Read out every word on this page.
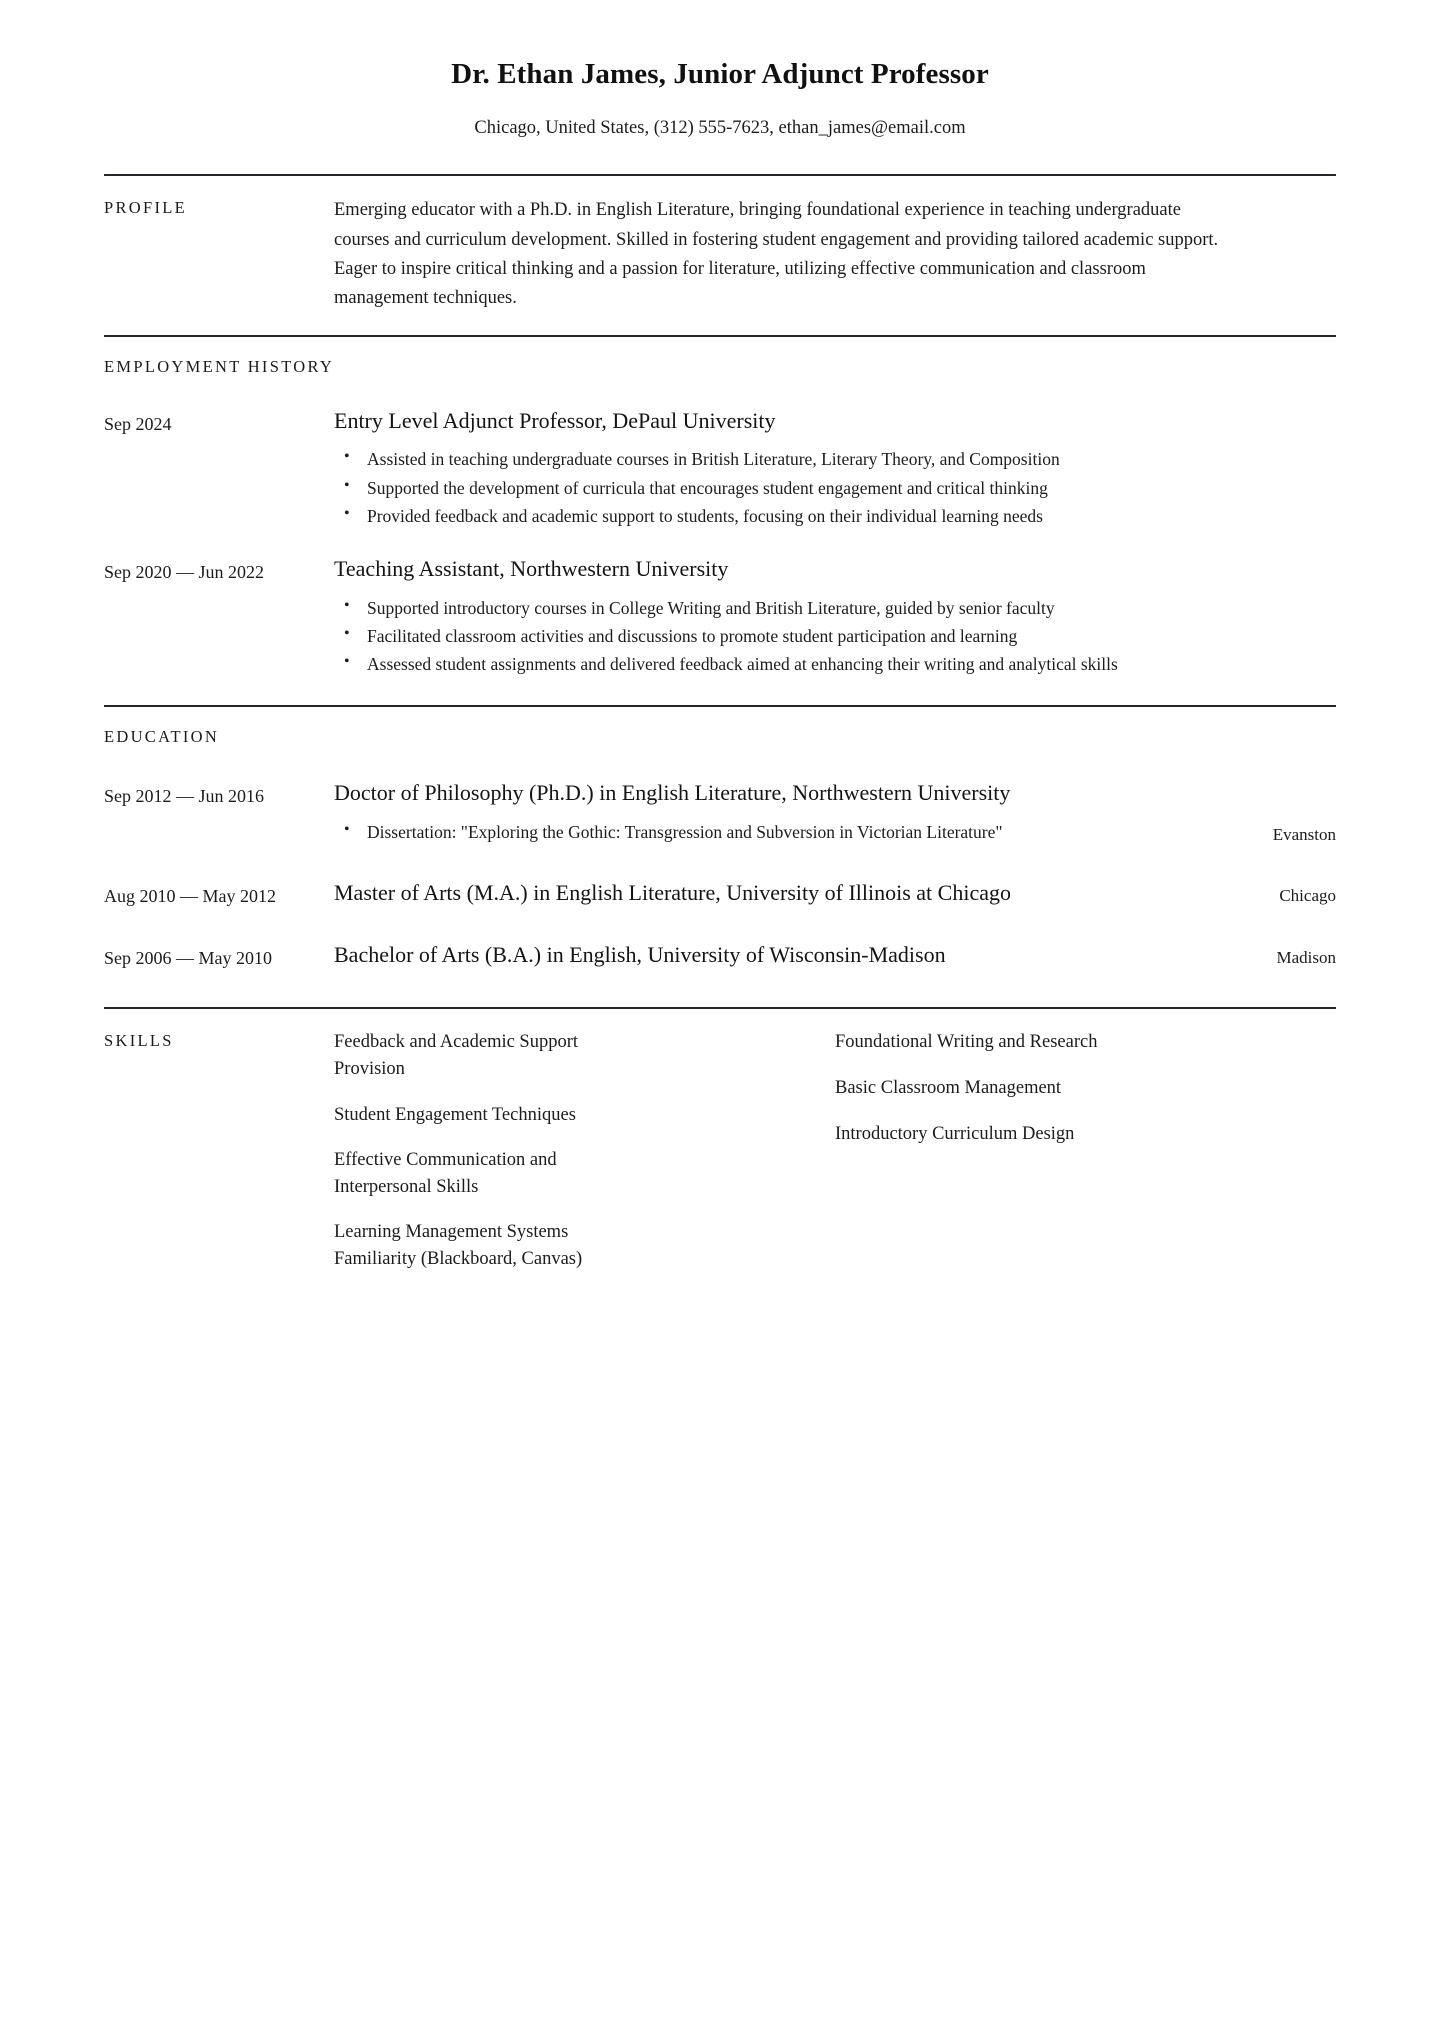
Dr. Ethan James, Junior Adjunct Professor
Chicago, United States, (312) 555-7623, ethan_james@email.com
PROFILE	Emerging educator with a Ph.D. in English Literature, bringing foundational experience in teaching undergraduate courses and curriculum development. Skilled in fostering student engagement and providing tailored academic support. Eager to inspire critical thinking and a passion for literature, utilizing effective communication and classroom management techniques.
EMPLOYMENT HISTORY
Sep 2024	Entry Level Adjunct Professor, DePaul University
• Assisted in teaching undergraduate courses in British Literature, Literary Theory, and Composition
• Supported the development of curricula that encourages student engagement and critical thinking
• Provided feedback and academic support to students, focusing on their individual learning needs
Sep 2020 — Jun 2022	Teaching Assistant, Northwestern University
• Supported introductory courses in College Writing and British Literature, guided by senior faculty
• Facilitated classroom activities and discussions to promote student participation and learning
• Assessed student assignments and delivered feedback aimed at enhancing their writing and analytical skills
EDUCATION
Sep 2012 — Jun 2016	Doctor of Philosophy (Ph.D.) in English Literature, Northwestern University
• Dissertation: "Exploring the Gothic: Transgression and Subversion in Victorian Literature"	Evanston
Aug 2010 — May 2012	Master of Arts (M.A.) in English Literature, University of Illinois at Chicago	Chicago
Sep 2006 — May 2010	Bachelor of Arts (B.A.) in English, University of Wisconsin-Madison	Madison
SKILLS	Feedback and Academic Support Provision
Student Engagement Techniques
Effective Communication and Interpersonal Skills
Learning Management Systems Familiarity (Blackboard, Canvas)
Foundational Writing and Research
Basic Classroom Management
Introductory Curriculum Design
